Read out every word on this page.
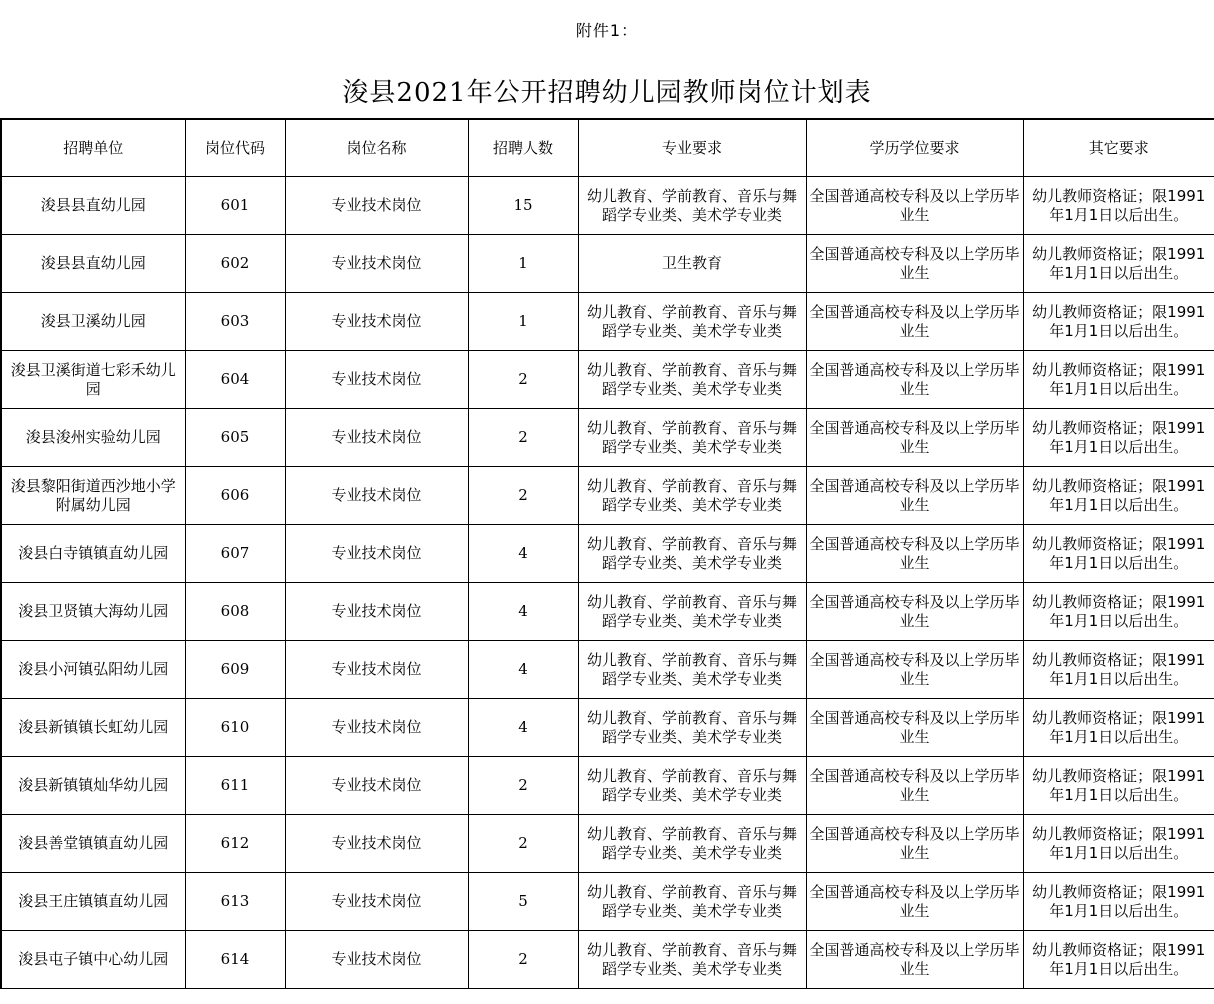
附件1：
浚县2021年公开招聘幼儿园教师岗位计划表
招聘单位	岗位代码	岗位名称	招聘人数	专业要求	学历学位要求	其它要求
浚县县直幼儿园	601	专业技术岗位	15	幼儿教育、学前教育、音乐与舞蹈学专业类、美术学专业类	全国普通高校专科及以上学历毕业生	幼儿教师资格证；限1991年1月1日以后出生。
浚县县直幼儿园	602	专业技术岗位	1	卫生教育	全国普通高校专科及以上学历毕业生	幼儿教师资格证；限1991年1月1日以后出生。
浚县卫溪幼儿园	603	专业技术岗位	1	幼儿教育、学前教育、音乐与舞蹈学专业类、美术学专业类	全国普通高校专科及以上学历毕业生	幼儿教师资格证；限1991年1月1日以后出生。
浚县卫溪街道七彩禾幼儿园	604	专业技术岗位	2	幼儿教育、学前教育、音乐与舞蹈学专业类、美术学专业类	全国普通高校专科及以上学历毕业生	幼儿教师资格证；限1991年1月1日以后出生。
浚县浚州实验幼儿园	605	专业技术岗位	2	幼儿教育、学前教育、音乐与舞蹈学专业类、美术学专业类	全国普通高校专科及以上学历毕业生	幼儿教师资格证；限1991年1月1日以后出生。
浚县黎阳街道西沙地小学附属幼儿园	606	专业技术岗位	2	幼儿教育、学前教育、音乐与舞蹈学专业类、美术学专业类	全国普通高校专科及以上学历毕业生	幼儿教师资格证；限1991年1月1日以后出生。
浚县白寺镇镇直幼儿园	607	专业技术岗位	4	幼儿教育、学前教育、音乐与舞蹈学专业类、美术学专业类	全国普通高校专科及以上学历毕业生	幼儿教师资格证；限1991年1月1日以后出生。
浚县卫贤镇大海幼儿园	608	专业技术岗位	4	幼儿教育、学前教育、音乐与舞蹈学专业类、美术学专业类	全国普通高校专科及以上学历毕业生	幼儿教师资格证；限1991年1月1日以后出生。
浚县小河镇弘阳幼儿园	609	专业技术岗位	4	幼儿教育、学前教育、音乐与舞蹈学专业类、美术学专业类	全国普通高校专科及以上学历毕业生	幼儿教师资格证；限1991年1月1日以后出生。
浚县新镇镇长虹幼儿园	610	专业技术岗位	4	幼儿教育、学前教育、音乐与舞蹈学专业类、美术学专业类	全国普通高校专科及以上学历毕业生	幼儿教师资格证；限1991年1月1日以后出生。
浚县新镇镇灿华幼儿园	611	专业技术岗位	2	幼儿教育、学前教育、音乐与舞蹈学专业类、美术学专业类	全国普通高校专科及以上学历毕业生	幼儿教师资格证；限1991年1月1日以后出生。
浚县善堂镇镇直幼儿园	612	专业技术岗位	2	幼儿教育、学前教育、音乐与舞蹈学专业类、美术学专业类	全国普通高校专科及以上学历毕业生	幼儿教师资格证；限1991年1月1日以后出生。
浚县王庄镇镇直幼儿园	613	专业技术岗位	5	幼儿教育、学前教育、音乐与舞蹈学专业类、美术学专业类	全国普通高校专科及以上学历毕业生	幼儿教师资格证；限1991年1月1日以后出生。
浚县屯子镇中心幼儿园	614	专业技术岗位	2	幼儿教育、学前教育、音乐与舞蹈学专业类、美术学专业类	全国普通高校专科及以上学历毕业生	幼儿教师资格证；限1991年1月1日以后出生。
